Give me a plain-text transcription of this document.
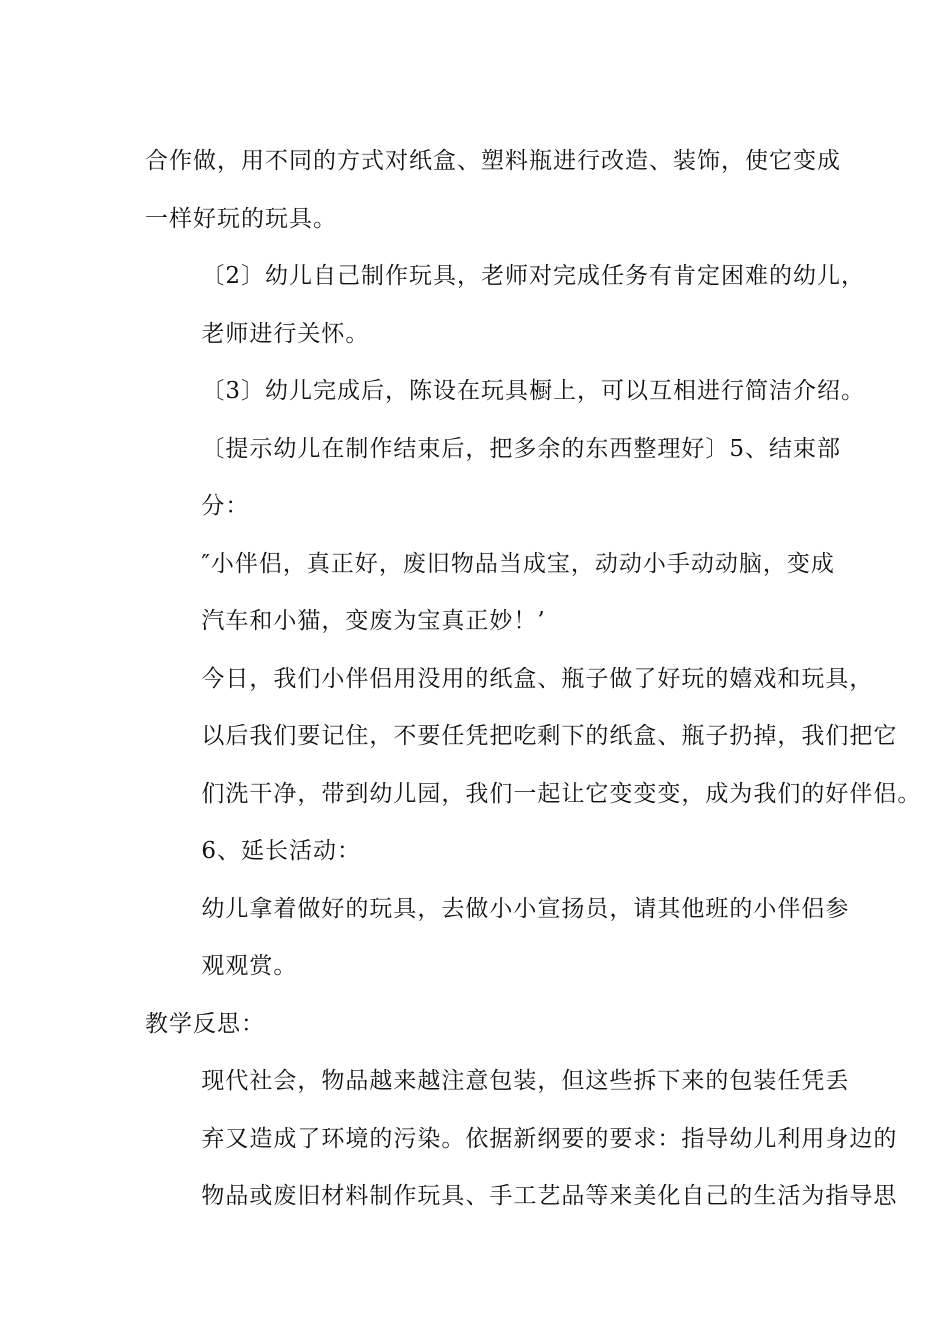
合作做，用不同的方式对纸盒、塑料瓶进行改造、装饰，使它变成
一样好玩的玩具。
〔2〕幼儿自己制作玩具，老师对完成任务有肯定困难的幼儿，
老师进行关怀。
〔3〕幼儿完成后，陈设在玩具橱上，可以互相进行简洁介绍。
〔提示幼儿在制作结束后，把多余的东西整理好〕5、结束部
分：
″小伴侣，真正好，废旧物品当成宝，动动小手动动脑，变成
汽车和小猫，变废为宝真正妙！’
今日，我们小伴侣用没用的纸盒、瓶子做了好玩的嬉戏和玩具，
以后我们要记住，不要任凭把吃剩下的纸盒、瓶子扔掉，我们把它
们洗干净，带到幼儿园，我们一起让它变变变，成为我们的好伴侣。
6、延长活动：
幼儿拿着做好的玩具，去做小小宣扬员，请其他班的小伴侣参
观观赏。
教学反思：
现代社会，物品越来越注意包装，但这些拆下来的包装任凭丢
弃又造成了环境的污染。依据新纲要的要求：指导幼儿利用身边的
物品或废旧材料制作玩具、手工艺品等来美化自己的生活为指导思
